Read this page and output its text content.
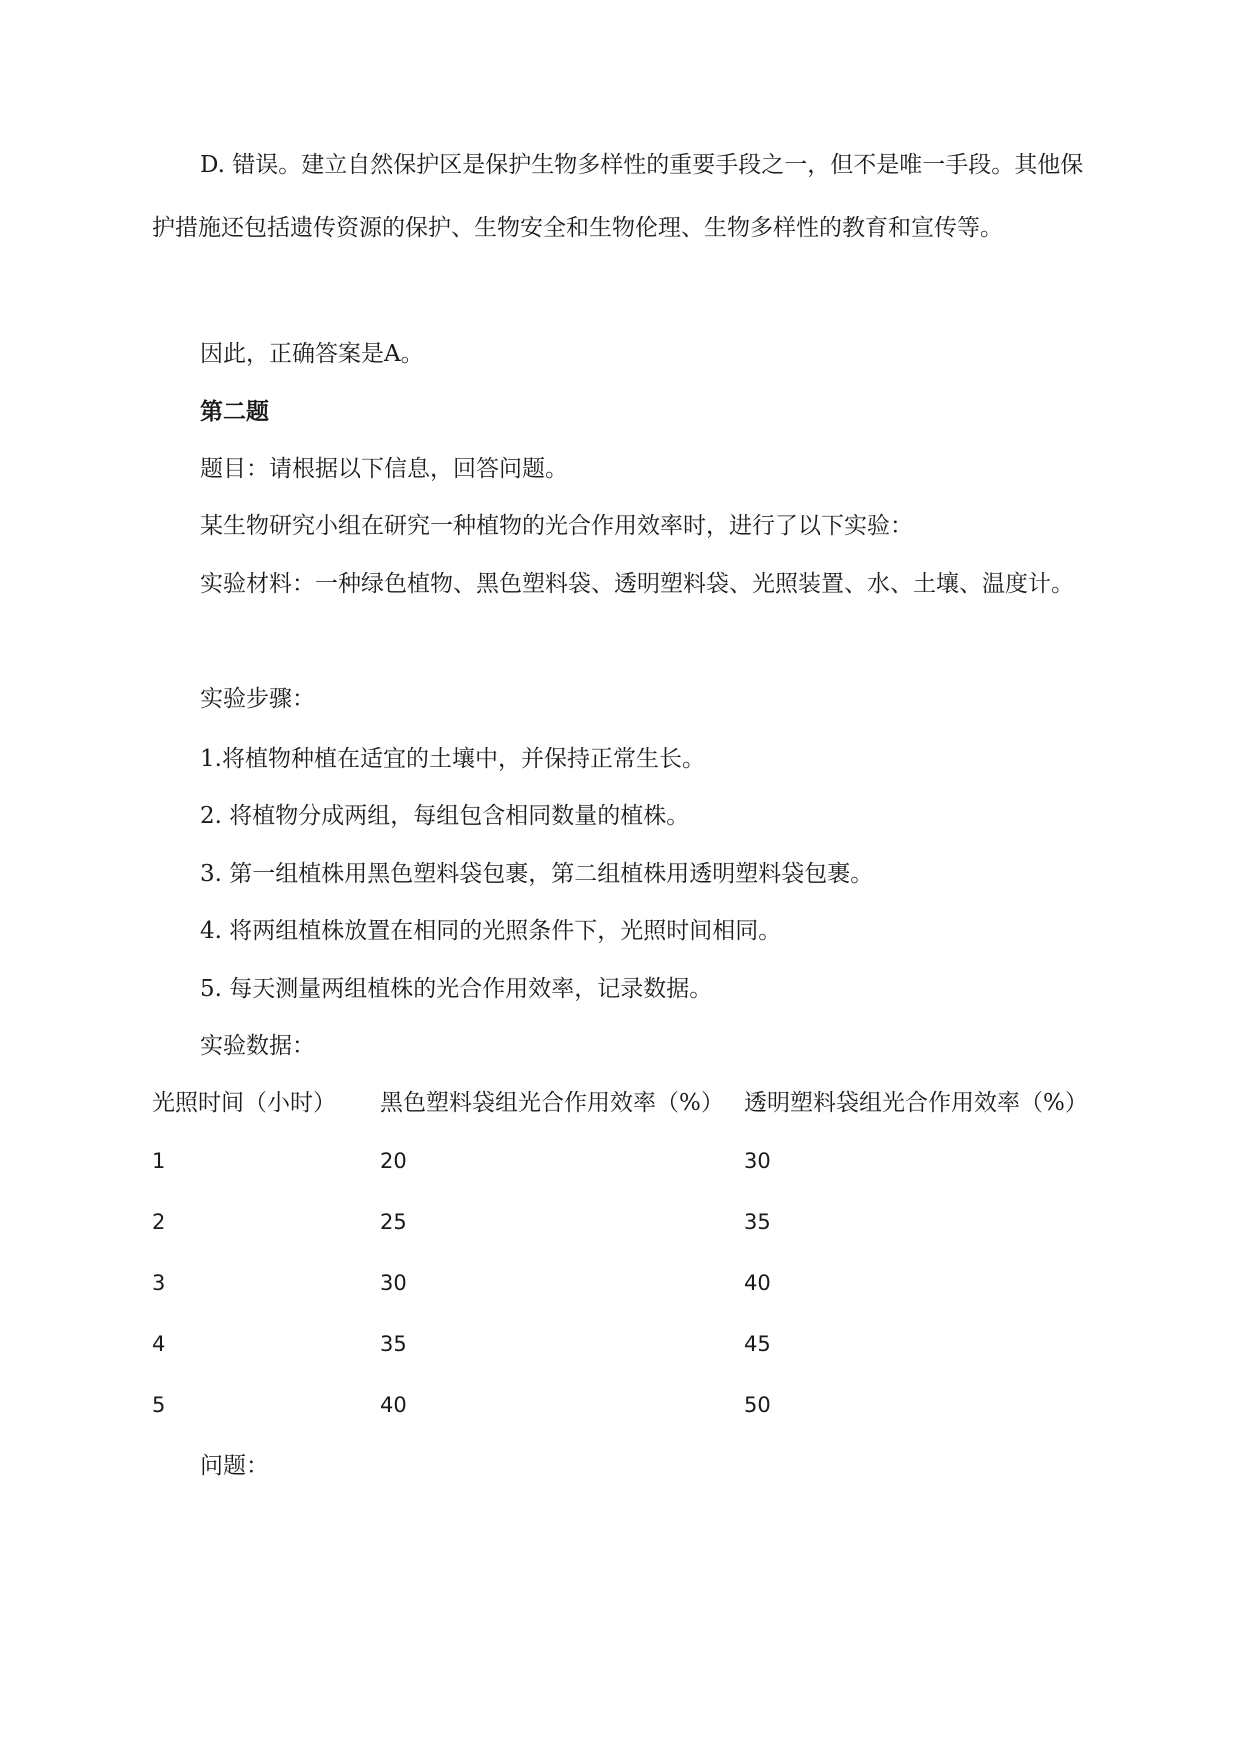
D. 错误。建立自然保护区是保护生物多样性的重要手段之一，但不是唯一手段。其他保护措施还包括遗传资源的保护、生物安全和生物伦理、生物多样性的教育和宣传等。

因此，正确答案是A。

第二题

题目：请根据以下信息，回答问题。

某生物研究小组在研究一种植物的光合作用效率时，进行了以下实验：

实验材料：一种绿色植物、黑色塑料袋、透明塑料袋、光照装置、水、土壤、温度计。

实验步骤：

1.将植物种植在适宜的土壤中，并保持正常生长。

2. 将植物分成两组，每组包含相同数量的植株。

3. 第一组植株用黑色塑料袋包裹，第二组植株用透明塑料袋包裹。

4. 将两组植株放置在相同的光照条件下，光照时间相同。

5. 每天测量两组植株的光合作用效率，记录数据。

实验数据：

光照时间（小时） 黑色塑料袋组光合作用效率（%） 透明塑料袋组光合作用效率（%）
1	20	30
2	25	35
3	30	40
4	35	45
5	40	50

问题：
